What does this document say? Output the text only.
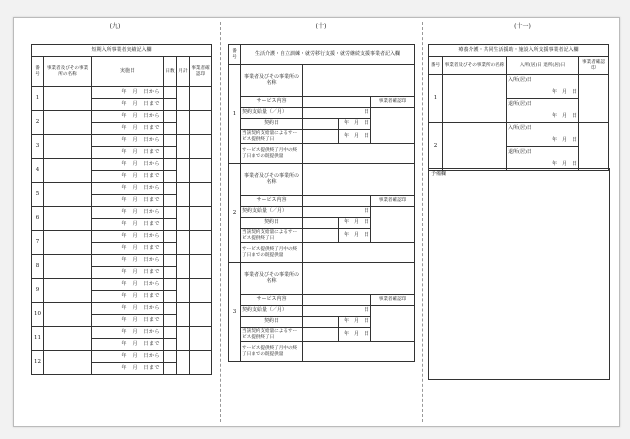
(九)
短期入所事業者実績記入欄					
番号	事業者及びその事業所の名称	実施日	日数	月計	事業者確認印
1		年　月　日から			
		年　月　日まで			
2		年　月　日から			
		年　月　日まで			
3		年　月　日から			
		年　月　日まで			
4		年　月　日から			
		年　月　日まで			
5		年　月　日から			
		年　月　日まで			
6		年　月　日から			
		年　月　日まで			
7		年　月　日から			
		年　月　日まで			
8		年　月　日から			
		年　月　日まで			
9		年　月　日から			
		年　月　日まで			
10		年　月　日から			
		年　月　日まで			
11		年　月　日から			
		年　月　日まで			
12		年　月　日から			
		年　月　日まで			
(十)
番号	生活介護・自立訓練・就労移行支援・就労継続支援事業者記入欄			
1	事業者及びその事業所の名称			
	サービス内容			事業者確認印
	契約支給量（／月）	日		
	契約日		年　月　日	
	当該契約支給量によるサービス提供終了日		年　月　日	
	サービス提供終了月中の終了日までの既提供量			
2	事業者及びその事業所の名称			
	サービス内容			事業者確認印
	契約支給量（／月）	日		
	契約日		年　月　日	
	当該契約支給量によるサービス提供終了日		年　月　日	
	サービス提供終了月中の終了日までの既提供量			
3	事業者及びその事業所の名称			
	サービス内容			事業者確認印
	契約支給量（／月）	日		
	契約日		年　月　日	
	当該契約支給量によるサービス提供終了日		年　月　日	
	サービス提供終了月中の終了日までの既提供量			
(十一)
療養介護・共同生活援助・施設入所支援事業者記入欄			
番号	事業者及びその事業所の名称	入所(居)日 退所(居)日	事業者確認印
1		入所(居)日	
		年　月　日	
		退所(居)日	
		年　月　日	
2		入所(居)日	
		年　月　日	
		退所(居)日	
		年　月　日	
予備欄
